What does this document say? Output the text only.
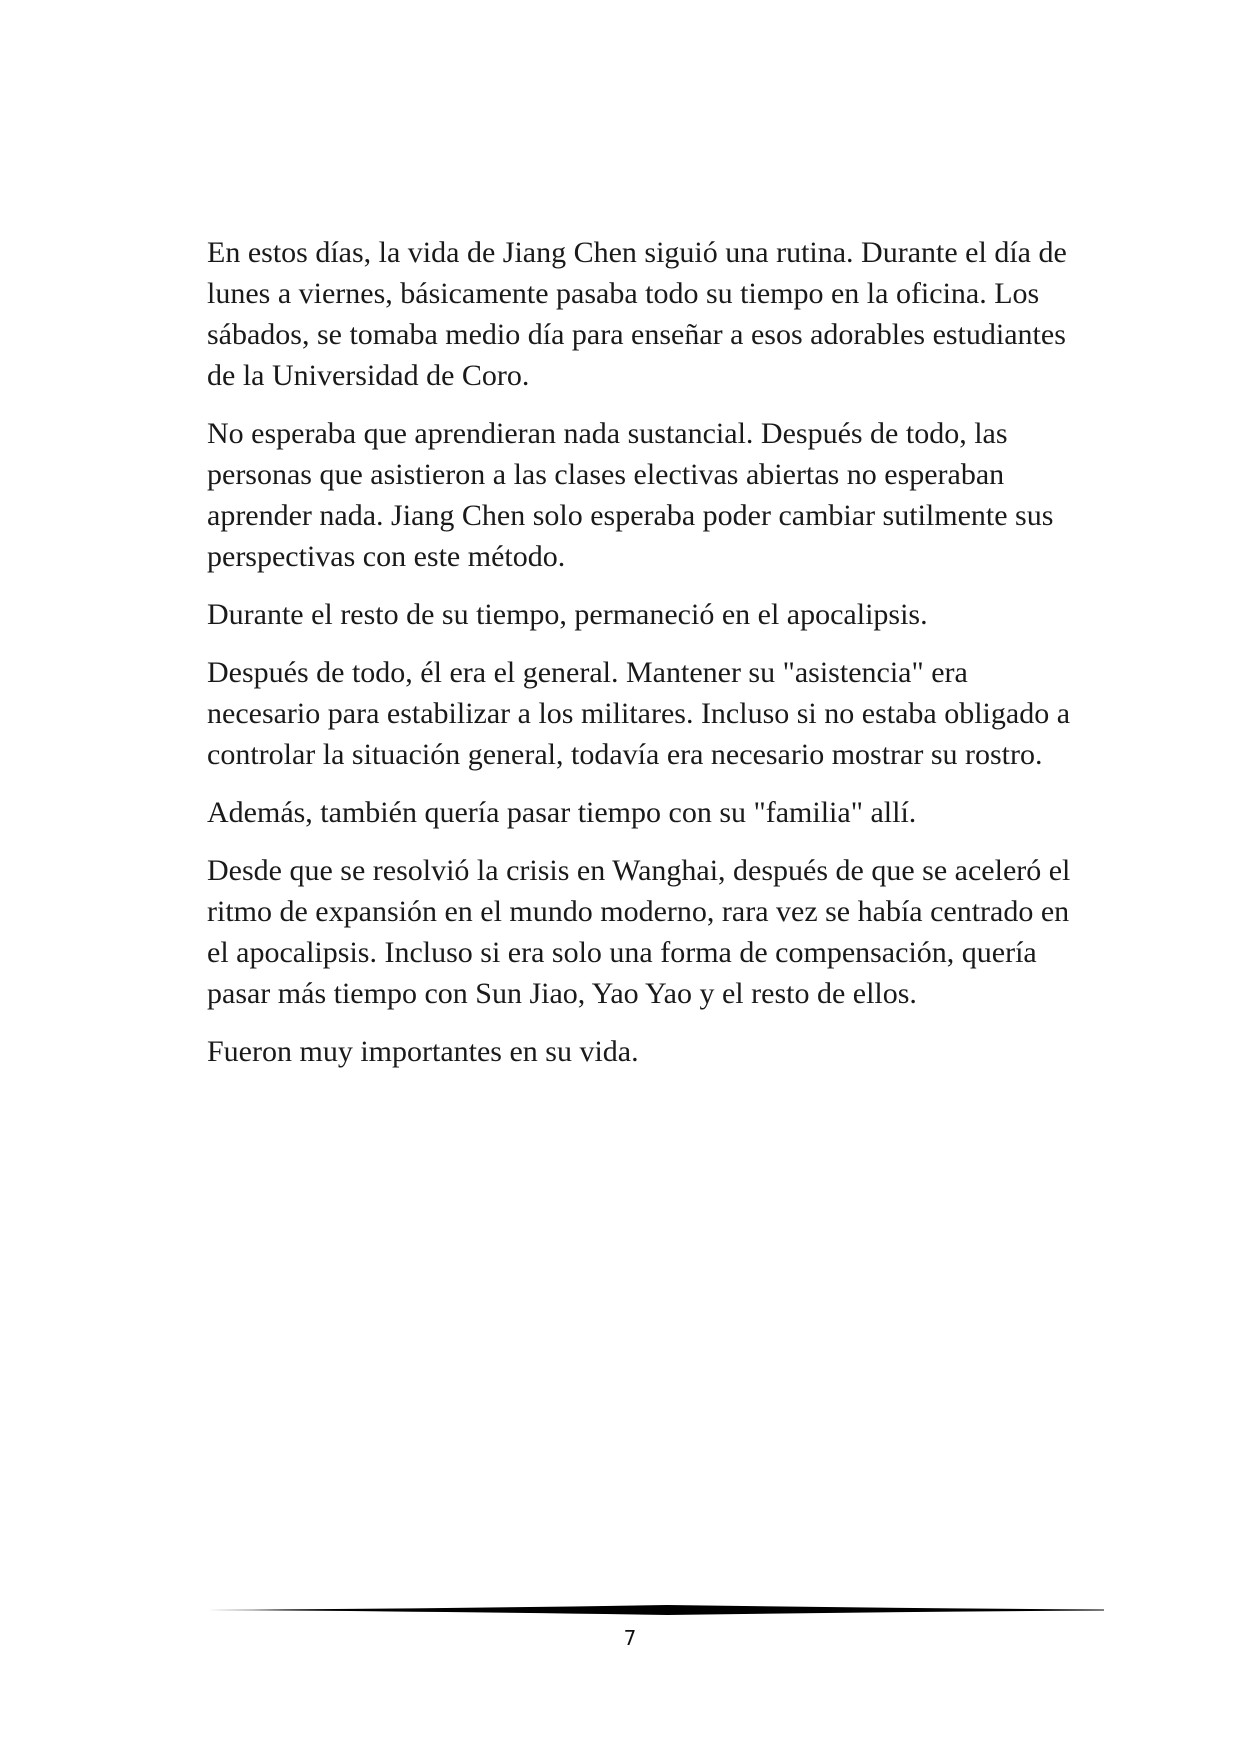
En estos días, la vida de Jiang Chen siguió una rutina. Durante el día de lunes a viernes, básicamente pasaba todo su tiempo en la oficina. Los sábados, se tomaba medio día para enseñar a esos adorables estudiantes de la Universidad de Coro.

No esperaba que aprendieran nada sustancial. Después de todo, las personas que asistieron a las clases electivas abiertas no esperaban aprender nada. Jiang Chen solo esperaba poder cambiar sutilmente sus perspectivas con este método.

Durante el resto de su tiempo, permaneció en el apocalipsis.

Después de todo, él era el general. Mantener su "asistencia" era necesario para estabilizar a los militares. Incluso si no estaba obligado a controlar la situación general, todavía era necesario mostrar su rostro.

Además, también quería pasar tiempo con su "familia" allí.

Desde que se resolvió la crisis en Wanghai, después de que se aceleró el ritmo de expansión en el mundo moderno, rara vez se había centrado en el apocalipsis. Incluso si era solo una forma de compensación, quería pasar más tiempo con Sun Jiao, Yao Yao y el resto de ellos.

Fueron muy importantes en su vida.

7
